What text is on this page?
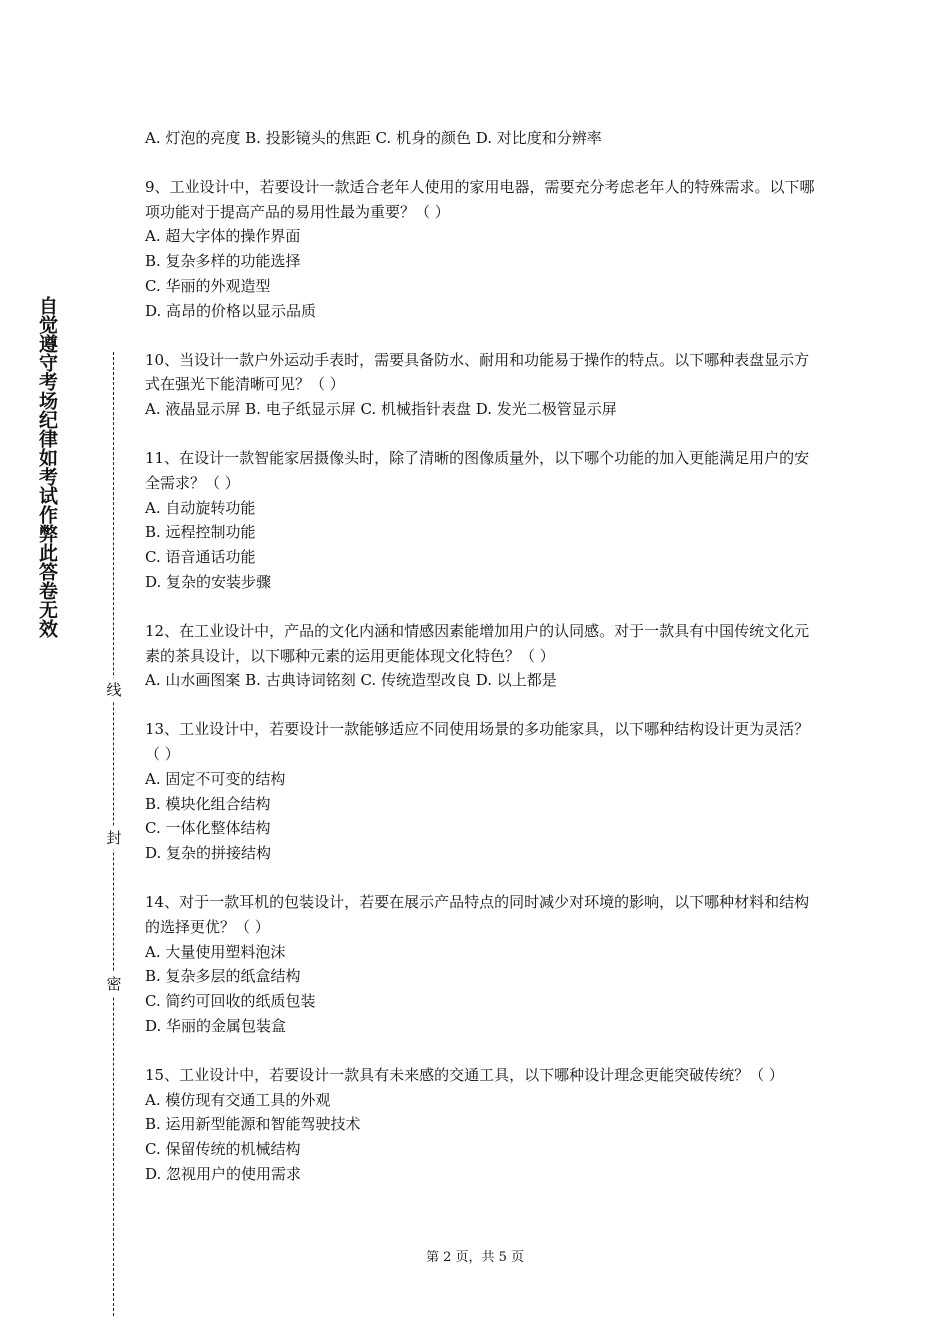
自觉遵守考场纪律如考试作弊此答卷无效
线
封
密
A. 灯泡的亮度 B. 投影镜头的焦距 C. 机身的颜色 D. 对比度和分辨率
9、工业设计中，若要设计一款适合老年人使用的家用电器，需要充分考虑老年人的特殊需求。以下哪项功能对于提高产品的易用性最为重要？（ ）
A. 超大字体的操作界面
B. 复杂多样的功能选择
C. 华丽的外观造型
D. 高昂的价格以显示品质
10、当设计一款户外运动手表时，需要具备防水、耐用和功能易于操作的特点。以下哪种表盘显示方式在强光下能清晰可见？（ ）
A. 液晶显示屏 B. 电子纸显示屏 C. 机械指针表盘 D. 发光二极管显示屏
11、在设计一款智能家居摄像头时，除了清晰的图像质量外，以下哪个功能的加入更能满足用户的安全需求？（ ）
A. 自动旋转功能
B. 远程控制功能
C. 语音通话功能
D. 复杂的安装步骤
12、在工业设计中，产品的文化内涵和情感因素能增加用户的认同感。对于一款具有中国传统文化元素的茶具设计，以下哪种元素的运用更能体现文化特色？（ ）
A. 山水画图案 B. 古典诗词铭刻 C. 传统造型改良 D. 以上都是
13、工业设计中，若要设计一款能够适应不同使用场景的多功能家具，以下哪种结构设计更为灵活？（ ）
A. 固定不可变的结构
B. 模块化组合结构
C. 一体化整体结构
D. 复杂的拼接结构
14、对于一款耳机的包装设计，若要在展示产品特点的同时减少对环境的影响，以下哪种材料和结构的选择更优？（ ）
A. 大量使用塑料泡沫
B. 复杂多层的纸盒结构
C. 简约可回收的纸质包装
D. 华丽的金属包装盒
15、工业设计中，若要设计一款具有未来感的交通工具，以下哪种设计理念更能突破传统？（ ）
A. 模仿现有交通工具的外观
B. 运用新型能源和智能驾驶技术
C. 保留传统的机械结构
D. 忽视用户的使用需求
第 2 页，共 5 页
